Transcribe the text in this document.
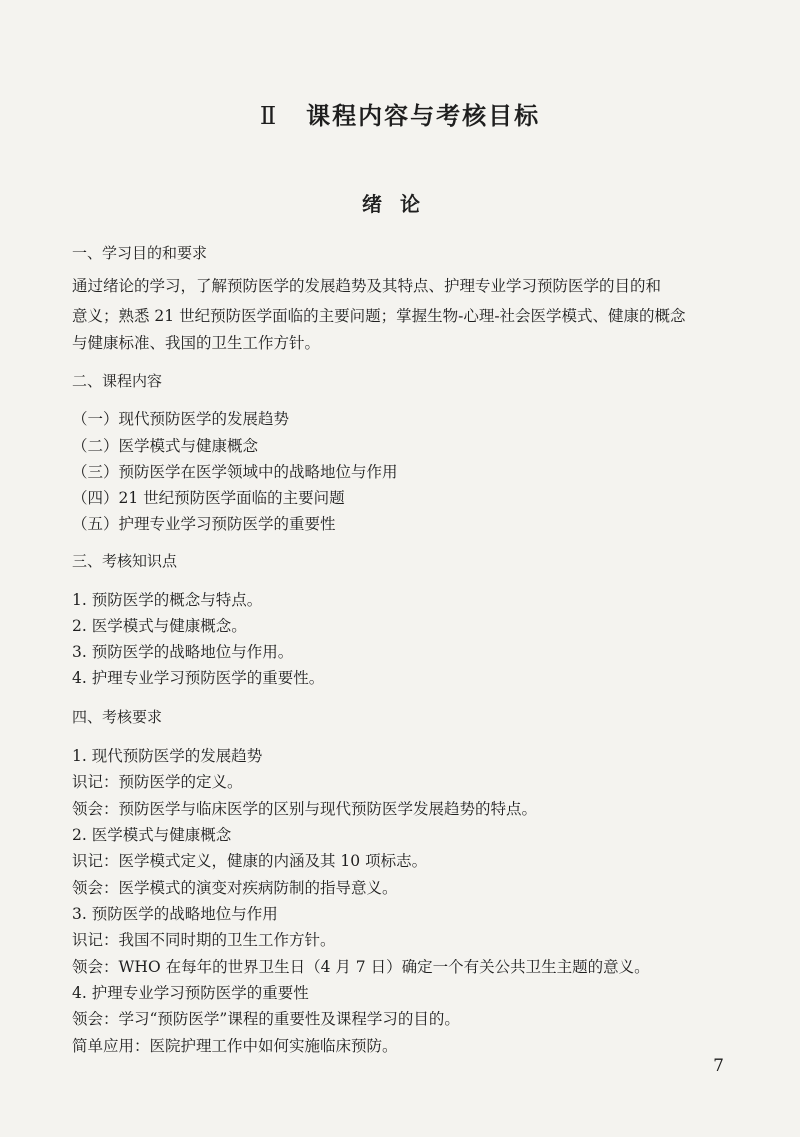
Ⅱ 课程内容与考核目标
绪论
一、学习目的和要求
通过绪论的学习，了解预防医学的发展趋势及其特点、护理专业学习预防医学的目的和
意义；熟悉 21 世纪预防医学面临的主要问题；掌握生物-心理-社会医学模式、健康的概念
与健康标准、我国的卫生工作方针。
二、课程内容
（一）现代预防医学的发展趋势
（二）医学模式与健康概念
（三）预防医学在医学领域中的战略地位与作用
（四）21 世纪预防医学面临的主要问题
（五）护理专业学习预防医学的重要性
三、考核知识点
1. 预防医学的概念与特点。
2. 医学模式与健康概念。
3. 预防医学的战略地位与作用。
4. 护理专业学习预防医学的重要性。
四、考核要求
1. 现代预防医学的发展趋势
识记：预防医学的定义。
领会：预防医学与临床医学的区别与现代预防医学发展趋势的特点。
2. 医学模式与健康概念
识记：医学模式定义，健康的内涵及其 10 项标志。
领会：医学模式的演变对疾病防制的指导意义。
3. 预防医学的战略地位与作用
识记：我国不同时期的卫生工作方针。
领会：WHO 在每年的世界卫生日（4 月 7 日）确定一个有关公共卫生主题的意义。
4. 护理专业学习预防医学的重要性
领会：学习“预防医学”课程的重要性及课程学习的目的。
简单应用：医院护理工作中如何实施临床预防。
7
